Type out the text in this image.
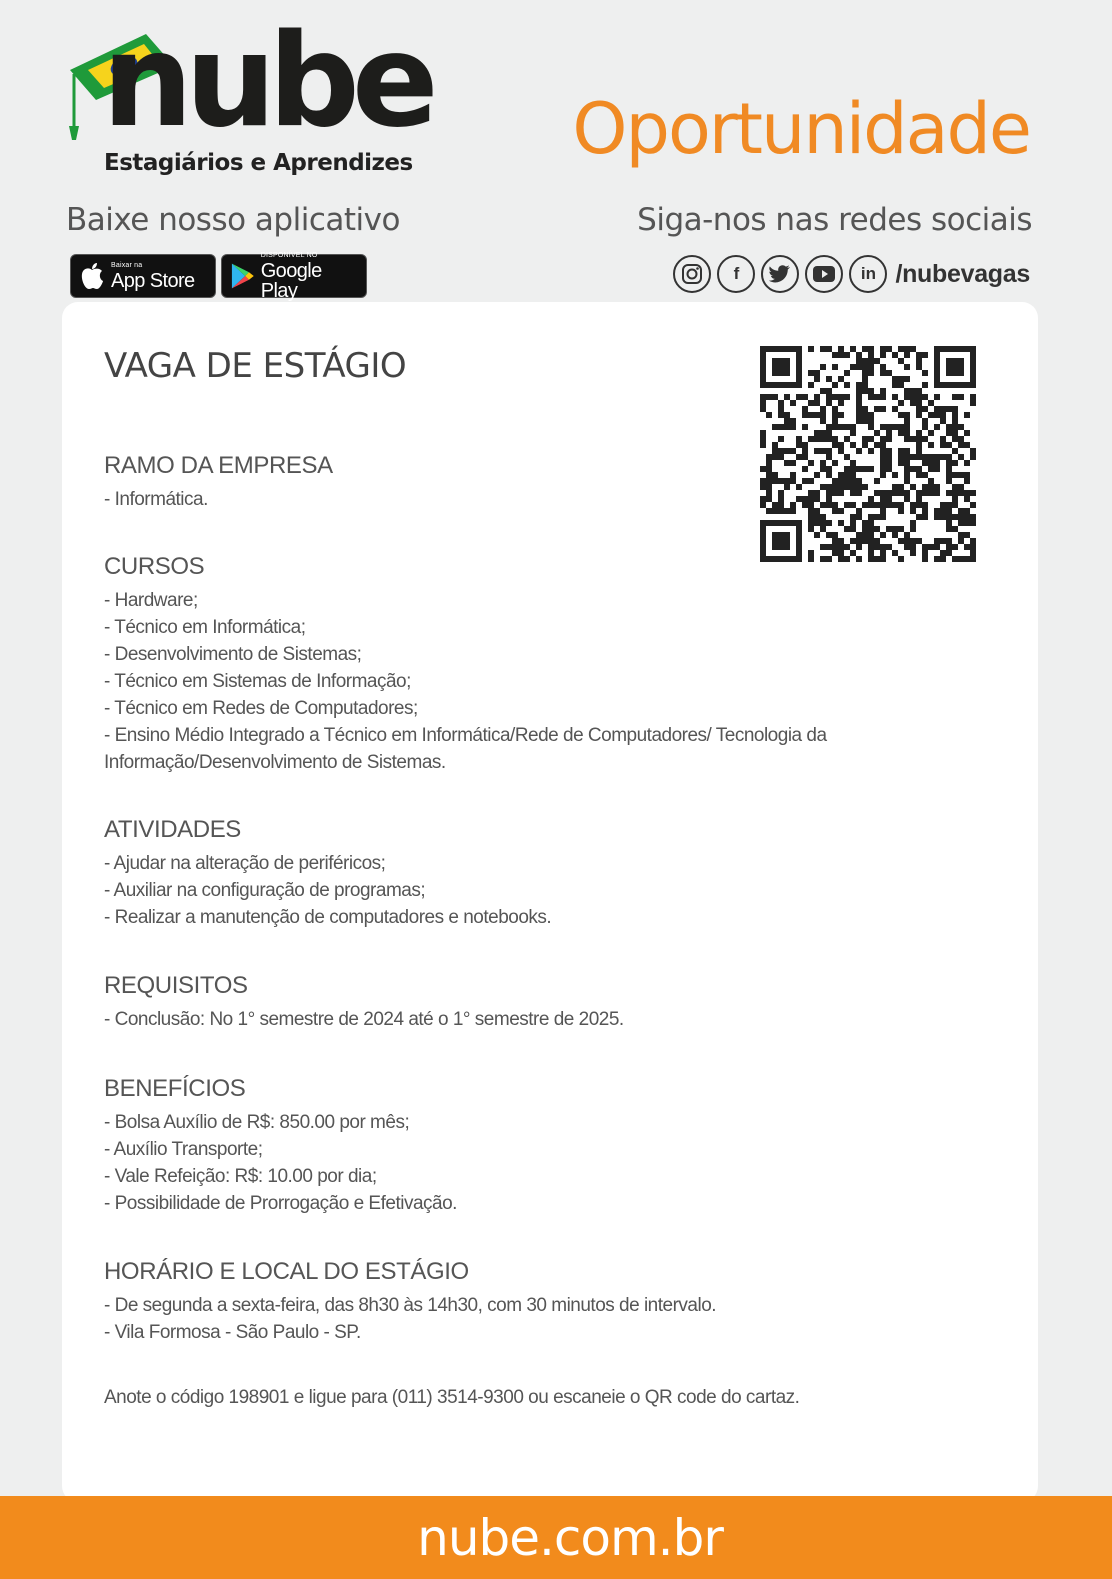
nube
Estagiários e Aprendizes Oportunidade
Baixe nosso aplicativo	Siga-nos nas redes sociais
Baixar na
App Store
DISPONÍVEL NO
Google Play
f	in /nubevagas
VAGA DE ESTÁGIO
RAMO DA EMPRESA
- Informática.
CURSOS
- Hardware;
- Técnico em Informática;
- Desenvolvimento de Sistemas;
- Técnico em Sistemas de Informação;
- Técnico em Redes de Computadores;
- Ensino Médio Integrado a Técnico em Informática/Rede de Computadores/ Tecnologia da
Informação/Desenvolvimento de Sistemas.
ATIVIDADES
- Ajudar na alteração de periféricos;
- Auxiliar na configuração de programas;
- Realizar a manutenção de computadores e notebooks.
REQUISITOS
- Conclusão: No 1° semestre de 2024 até o 1° semestre de 2025.
BENEFÍCIOS
- Bolsa Auxílio de R$: 850.00 por mês;
- Auxílio Transporte;
- Vale Refeição: R$: 10.00 por dia;
- Possibilidade de Prorrogação e Efetivação.
HORÁRIO E LOCAL DO ESTÁGIO
- De segunda a sexta-feira, das 8h30 às 14h30, com 30 minutos de intervalo.
- Vila Formosa - São Paulo - SP.
Anote o código 198901 e ligue para (011) 3514-9300 ou escaneie o QR code do cartaz.
nube.com.br
